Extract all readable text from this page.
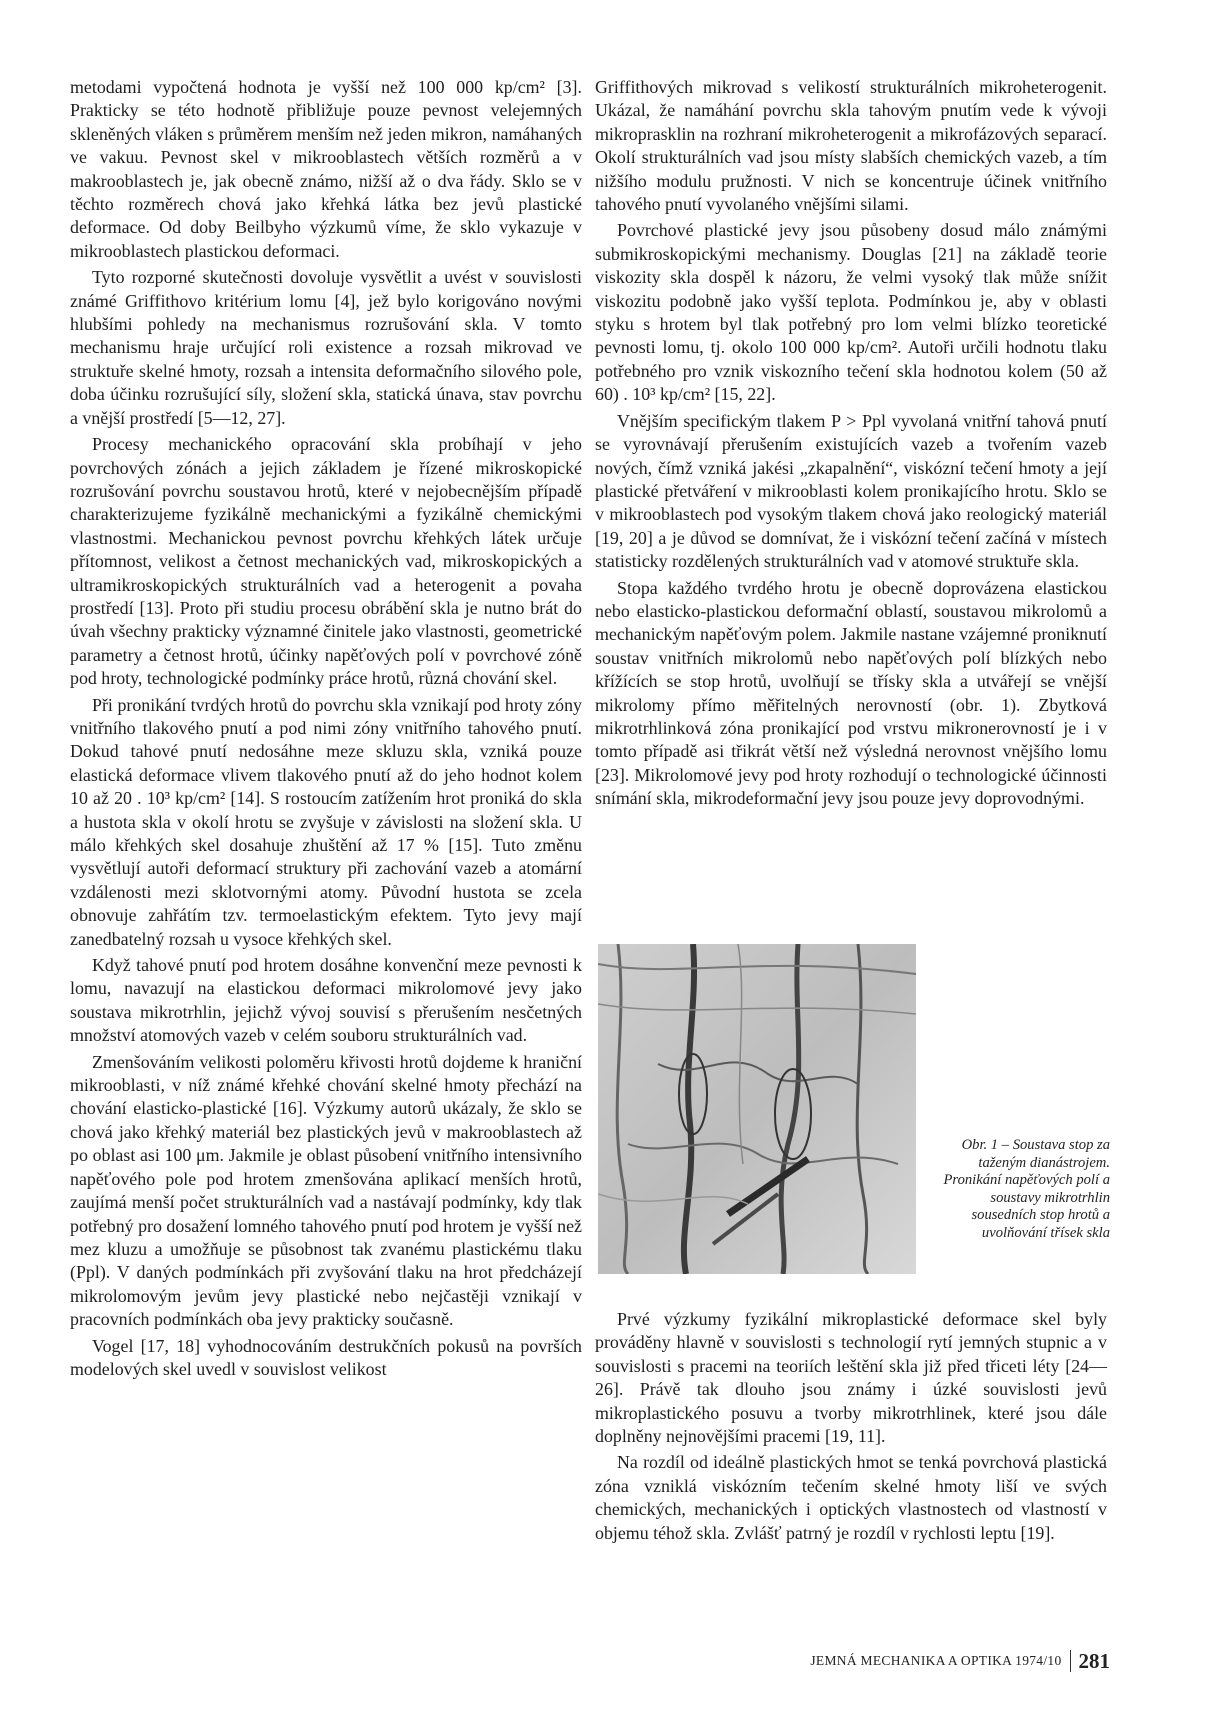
metodami vypočtená hodnota je vyšší než 100 000 kp/cm² [3]. Prakticky se této hodnotě přibližuje pouze pevnost velejemných skleněných vláken s průměrem menším než jeden mikron, namáhaných ve vakuu. Pevnost skel v mikrooblastech větších rozměrů a v makrooblastech je, jak obecně známo, nižší až o dva řády. Sklo se v těchto rozměrech chová jako křehká látka bez jevů plastické deformace. Od doby Beilbyho výzkumů víme, že sklo vykazuje v mikrooblastech plastickou deformaci.

Tyto rozporné skutečnosti dovoluje vysvětlit a uvést v souvislosti známé Griffithovo kritérium lomu [4], jež bylo korigováno novými hlubšími pohledy na mechanismus rozrušování skla. V tomto mechanismu hraje určující roli existence a rozsah mikrovad ve struktuře skelné hmoty, rozsah a intensita deformačního silového pole, doba účinku rozrušující síly, složení skla, statická únava, stav povrchu a vnější prostředí [5—12, 27].

Procesy mechanického opracování skla probíhají v jeho povrchových zónách a jejich základem je řízené mikroskopické rozrušování povrchu soustavou hrotů, které v nejobecnějším případě charakterizujeme fyzikálně mechanickými a fyzikálně chemickými vlastnostmi. Mechanickou pevnost povrchu křehkých látek určuje přítomnost, velikost a četnost mechanických vad, mikroskopických a ultramikroskopických strukturálních vad a heterogenit a povaha prostředí [13]. Proto při studiu procesu obrábění skla je nutno brát do úvah všechny prakticky významné činitele jako vlastnosti, geometrické parametry a četnost hrotů, účinky napěťových polí v povrchové zóně pod hroty, technologické podmínky práce hrotů, různá chování skel.

Při pronikání tvrdých hrotů do povrchu skla vznikají pod hroty zóny vnitřního tlakového pnutí a pod nimi zóny vnitřního tahového pnutí. Dokud tahové pnutí nedosáhne meze skluzu skla, vzniká pouze elastická deformace vlivem tlakového pnutí až do jeho hodnot kolem 10 až 20 . 10³ kp/cm² [14]. S rostoucím zatížením hrot proniká do skla a hustota skla v okolí hrotu se zvyšuje v závislosti na složení skla. U málo křehkých skel dosahuje zhuštění až 17 % [15]. Tuto změnu vysvětlují autoři deformací struktury při zachování vazeb a atomární vzdálenosti mezi sklotvornými atomy. Původní hustota se zcela obnovuje zahřátím tzv. termoelastickým efektem. Tyto jevy mají zanedbatelný rozsah u vysoce křehkých skel.

Když tahové pnutí pod hrotem dosáhne konvenční meze pevnosti k lomu, navazují na elastickou deformaci mikrolomové jevy jako soustava mikrotrhlin, jejichž vývoj souvisí s přerušením nesčetných množství atomových vazeb v celém souboru strukturálních vad.

Zmenšováním velikosti poloměru křivosti hrotů dojdeme k hraniční mikrooblasti, v níž známé křehké chování skelné hmoty přechází na chování elasticko-plastické [16]. Výzkumy autorů ukázaly, že sklo se chová jako křehký materiál bez plastických jevů v makrooblastech až po oblast asi 100 μm. Jakmile je oblast působení vnitřního intensivního napěťového pole pod hrotem zmenšována aplikací menších hrotů, zaujímá menší počet strukturálních vad a nastávají podmínky, kdy tlak potřebný pro dosažení lomného tahového pnutí pod hrotem je vyšší než mez kluzu a umožňuje se působnost tak zvanému plastickému tlaku (Ppl). V daných podmínkách při zvyšování tlaku na hrot předcházejí mikrolomovým jevům jevy plastické nebo nejčastěji vznikají v pracovních podmínkách oba jevy prakticky současně.

Vogel [17, 18] vyhodnocováním destrukčních pokusů na površích modelových skel uvedl v souvislost velikost

Griffithových mikrovad s velikostí strukturálních mikroheterogenit. Ukázal, že namáhání povrchu skla tahovým pnutím vede k vývoji mikroprasklin na rozhraní mikroheterogenit a mikrofázových separací. Okolí strukturálních vad jsou místy slabších chemických vazeb, a tím nižšího modulu pružnosti. V nich se koncentruje účinek vnitřního tahového pnutí vyvolaného vnějšími silami.

Povrchové plastické jevy jsou působeny dosud málo známými submikroskopickými mechanismy. Douglas [21] na základě teorie viskozity skla dospěl k názoru, že velmi vysoký tlak může snížit viskozitu podobně jako vyšší teplota. Podmínkou je, aby v oblasti styku s hrotem byl tlak potřebný pro lom velmi blízko teoretické pevnosti lomu, tj. okolo 100 000 kp/cm². Autoři určili hodnotu tlaku potřebného pro vznik viskozního tečení skla hodnotou kolem (50 až 60) . 10³ kp/cm² [15, 22].

Vnějším specifickým tlakem P > Ppl vyvolaná vnitřní tahová pnutí se vyrovnávají přerušením existujících vazeb a tvořením vazeb nových, čímž vzniká jakési „zkapalnění“, viskózní tečení hmoty a její plastické přetváření v mikrooblasti kolem pronikajícího hrotu. Sklo se v mikrooblastech pod vysokým tlakem chová jako reologický materiál [19, 20] a je důvod se domnívat, že i viskózní tečení začíná v místech statisticky rozdělených strukturálních vad v atomové struktuře skla.

Stopa každého tvrdého hrotu je obecně doprovázena elastickou nebo elasticko-plastickou deformační oblastí, soustavou mikrolomů a mechanickým napěťovým polem. Jakmile nastane vzájemné proniknutí soustav vnitřních mikrolomů nebo napěťových polí blízkých nebo křížících se stop hrotů, uvolňují se třísky skla a utvářejí se vnější mikrolomy přímo měřitelných nerovností (obr. 1). Zbytková mikrotrhlinková zóna pronikající pod vrstvu mikronerovností je i v tomto případě asi třikrát větší než výsledná nerovnost vnějšího lomu [23]. Mikrolomové jevy pod hroty rozhodují o technologické účinnosti snímání skla, mikrodeformační jevy jsou pouze jevy doprovodnými.

Obr. 1 – Soustava stop za taženým dianástrojem. Pronikání napěťových polí a soustavy mikrotrhlin sousedních stop hrotů a uvolňování třísek skla

Prvé výzkumy fyzikální mikroplastické deformace skel byly prováděny hlavně v souvislosti s technologií rytí jemných stupnic a v souvislosti s pracemi na teoriích leštění skla již před třiceti léty [24—26]. Právě tak dlouho jsou známy i úzké souvislosti jevů mikroplastického posuvu a tvorby mikrotrhlinek, které jsou dále doplněny nejnovějšími pracemi [19, 11].

Na rozdíl od ideálně plastických hmot se tenká povrchová plastická zóna vzniklá viskózním tečením skelné hmoty liší ve svých chemických, mechanických i optických vlastnostech od vlastností v objemu téhož skla. Zvlášť patrný je rozdíl v rychlosti leptu [19].

JEMNÁ MECHANIKA A OPTIKA 1974/10 281
